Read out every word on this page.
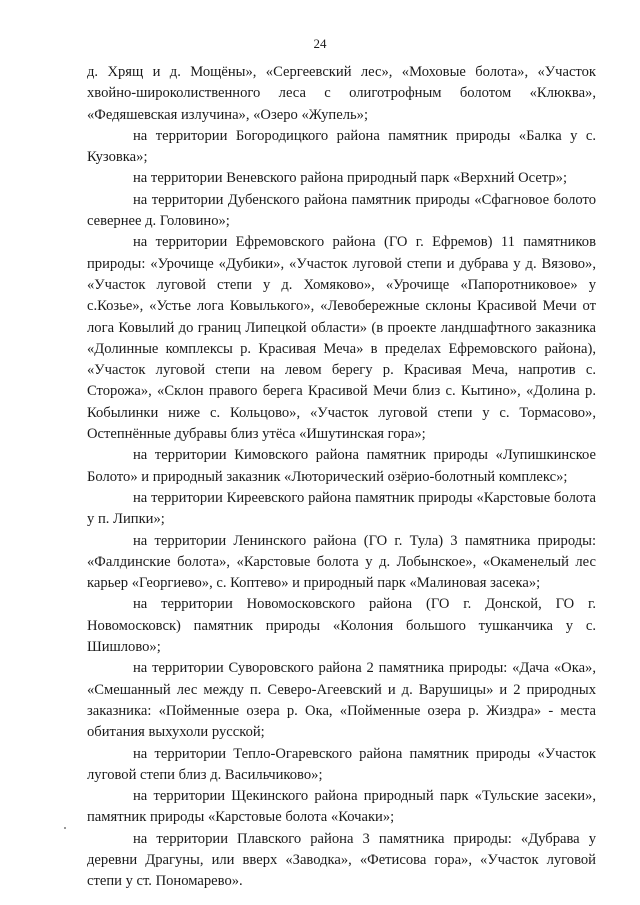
24

д. Хрящ и д. Мощёны», «Сергеевский лес», «Моховые болота», «Участок хвойно-широколиственного леса с олиготрофным болотом «Клюква», «Федяшевская излучина», «Озеро «Жупель»;

на территории Богородицкого района памятник природы «Балка у с. Кузовка»;

на территории Веневского района природный парк «Верхний Осетр»;

на территории Дубенского района памятник природы «Сфагновое болото севернее д. Головино»;

на территории Ефремовского района (ГО г. Ефремов) 11 памятников природы: «Урочище «Дубики», «Участок луговой степи и дубрава у д. Вязово», «Участок луговой степи у д. Хомяково», «Урочище «Папоротниковое» у с.Козье», «Устье лога Ковылького», «Левобережные склоны Красивой Мечи от лога Ковылий до границ Липецкой области» (в проекте ландшафтного заказника «Долинные комплексы р. Красивая Меча» в пределах Ефремовского района), «Участок луговой степи на левом берегу р. Красивая Меча, напротив с. Сторожа», «Склон правого берега Красивой Мечи близ с. Кытино», «Долина р. Кобылинки ниже с. Кольцово», «Участок луговой степи у с. Тормасово», Остепнённые дубравы близ утёса «Ишутинская гора»;

на территории Кимовского района памятник природы «Лупишкинское Болото» и природный заказник «Люторический озёрио-болотный комплекс»;

на территории Киреевского района памятник природы «Карстовые болота у п. Липки»;

на территории Ленинского района (ГО г. Тула) 3 памятника природы: «Фалдинские болота», «Карстовые болота у д. Лобынское», «Окаменелый лес карьер «Георгиево», с. Коптево» и природный парк «Малиновая засека»;

на территории Новомосковского района (ГО г. Донской, ГО г. Новомосковск) памятник природы «Колония большого тушканчика у с. Шишлово»;

на территории Суворовского района 2 памятника природы: «Дача «Ока», «Смешанный лес между п. Северо-Агеевский и д. Варушицы» и 2 природных заказника: «Пойменные озера р. Ока, «Пойменные озера р. Жиздра» - места обитания выхухоли русской;

на территории Тепло-Огаревского района памятник природы «Участок луговой степи близ д. Васильчиково»;

на территории Щекинского района природный парк «Тульские засеки», памятник природы «Карстовые болота «Кочаки»;

на территории Плавского района 3 памятника природы: «Дубрава у деревни Драгуны, или вверх «Заводка», «Фетисова гора», «Участок луговой степи у ст. Пономарево».
